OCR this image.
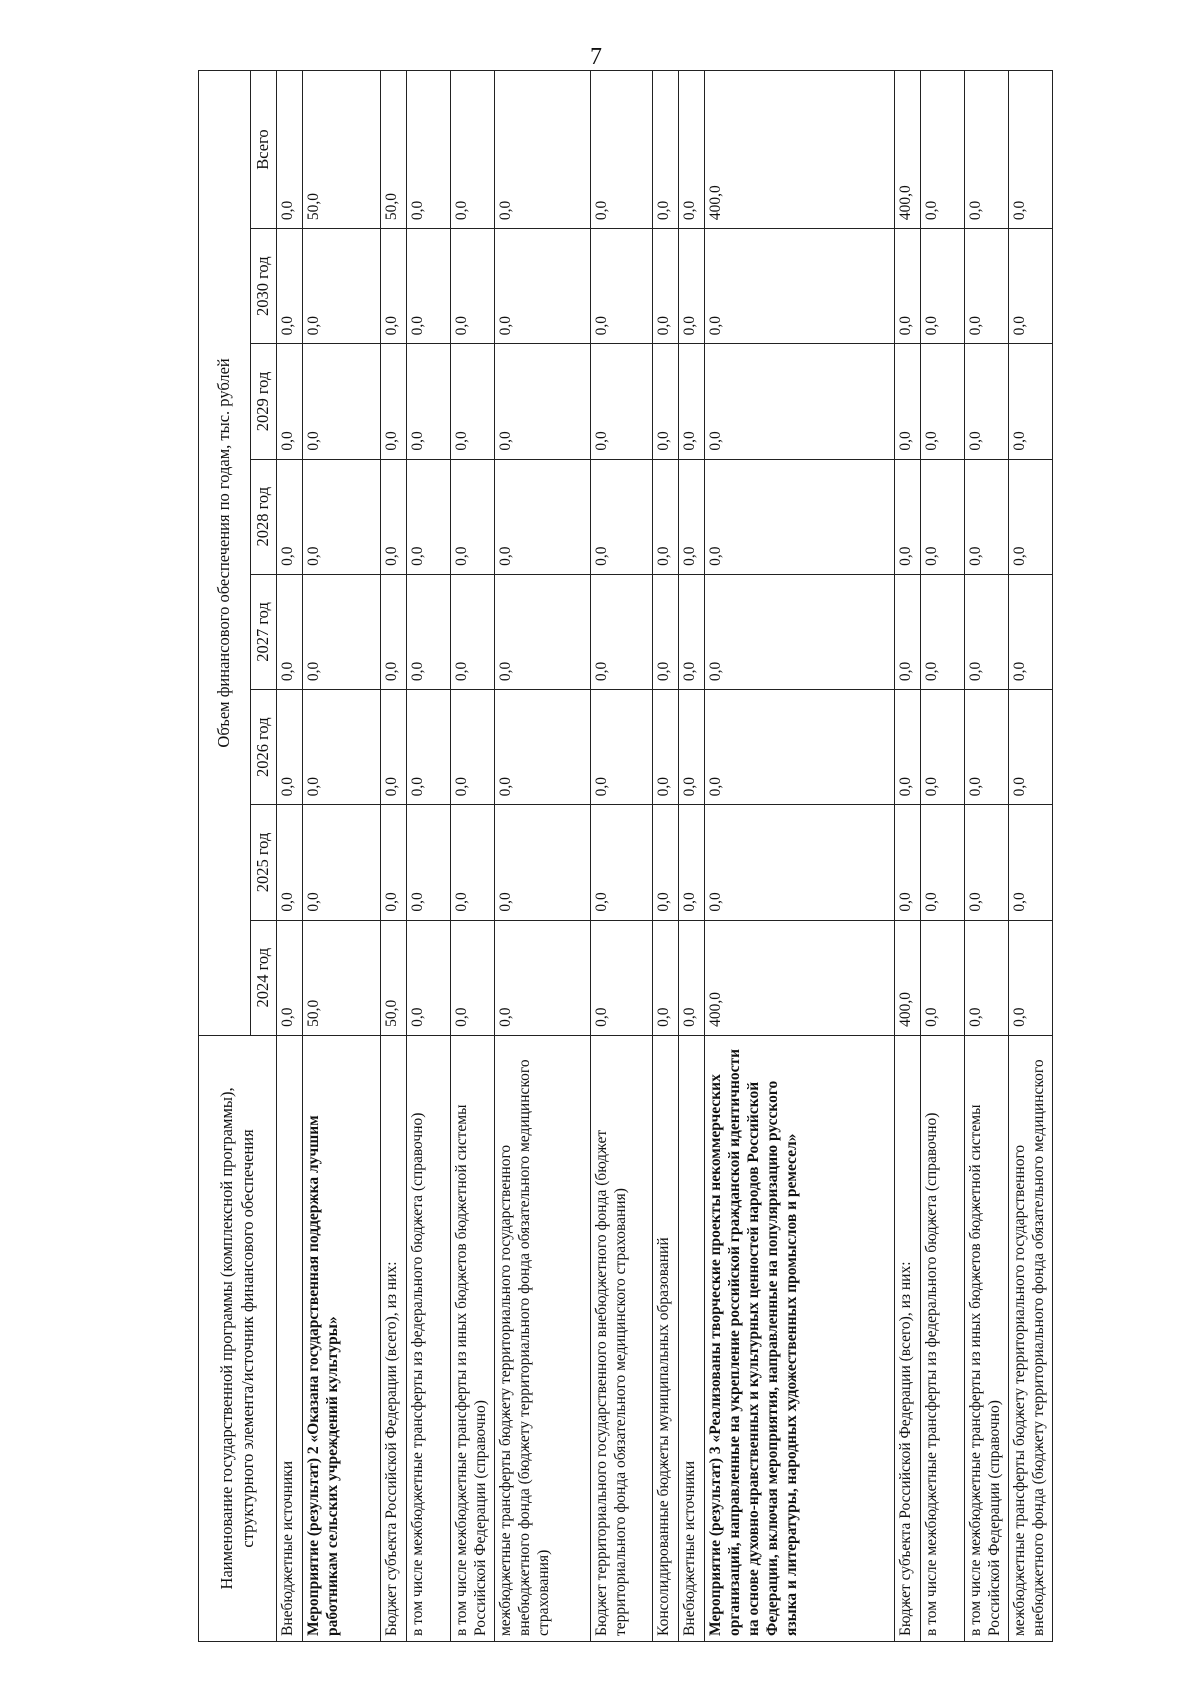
7
Наименование государственной программы (комплексной программы), структурного элемента/источник финансового обеспечения	Объем финансового обеспечения по годам, тыс. рублей							
	2024 год	2025 год	2026 год	2027 год	2028 год	2029 год	2030 год	Всего
Внебюджетные источники	0,0	0,0	0,0	0,0	0,0	0,0	0,0	0,0
Мероприятие (результат) 2 «Оказана государственная поддержка лучшим работникам сельских учреждений культуры»	50,0	0,0	0,0	0,0	0,0	0,0	0,0	50,0
Бюджет субъекта Российской Федерации (всего), из них:	50,0	0,0	0,0	0,0	0,0	0,0	0,0	50,0
в том числе межбюджетные трансферты из федерального бюджета (справочно)	0,0	0,0	0,0	0,0	0,0	0,0	0,0	0,0
в том числе межбюджетные трансферты из иных бюджетов бюджетной системы Российской Федерации (справочно)	0,0	0,0	0,0	0,0	0,0	0,0	0,0	0,0
межбюджетные трансферты бюджету территориального государственного внебюджетного фонда (бюджету территориального фонда обязательного медицинского страхования)	0,0	0,0	0,0	0,0	0,0	0,0	0,0	0,0
Бюджет территориального государственного внебюджетного фонда (бюджет территориального фонда обязательного медицинского страхования)	0,0	0,0	0,0	0,0	0,0	0,0	0,0	0,0
Консолидированные бюджеты муниципальных образований	0,0	0,0	0,0	0,0	0,0	0,0	0,0	0,0
Внебюджетные источники	0,0	0,0	0,0	0,0	0,0	0,0	0,0	0,0
Мероприятие (результат) 3 «Реализованы творческие проекты некоммерческих организаций, направленные на укрепление российской гражданской идентичности на основе духовно-нравственных и культурных ценностей народов Российской Федерации, включая мероприятия, направленные на популяризацию русского языка и литературы, народных художественных промыслов и ремесел»	400,0	0,0	0,0	0,0	0,0	0,0	0,0	400,0
Бюджет субъекта Российской Федерации (всего), из них:	400,0	0,0	0,0	0,0	0,0	0,0	0,0	400,0
в том числе межбюджетные трансферты из федерального бюджета (справочно)	0,0	0,0	0,0	0,0	0,0	0,0	0,0	0,0
в том числе межбюджетные трансферты из иных бюджетов бюджетной системы Российской Федерации (справочно)	0,0	0,0	0,0	0,0	0,0	0,0	0,0	0,0
межбюджетные трансферты бюджету территориального государственного внебюджетного фонда (бюджету территориального фонда обязательного медицинского	0,0	0,0	0,0	0,0	0,0	0,0	0,0	0,0
